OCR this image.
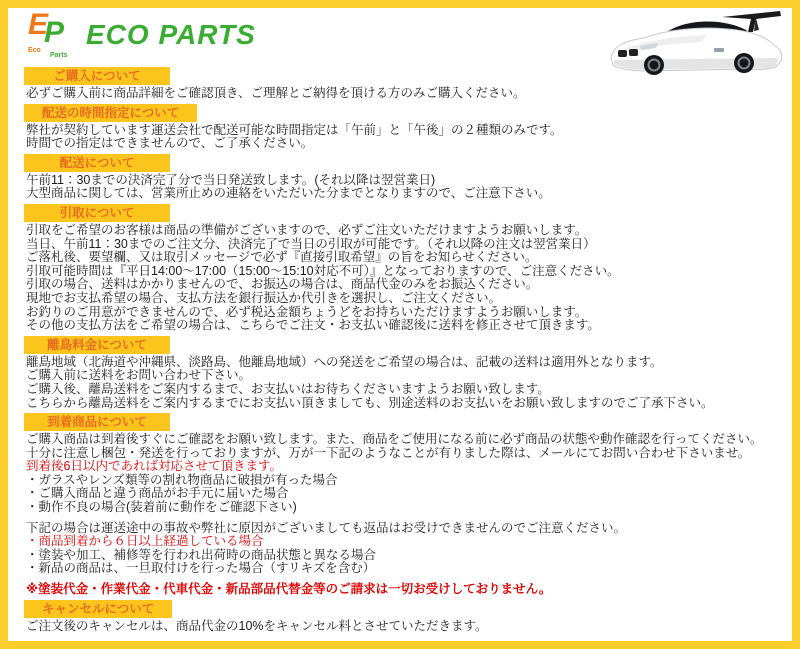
E
P
Eco
Parts
ECO PARTS
ご購入について
必ずご購入前に商品詳細をご確認頂き、ご理解とご納得を頂ける方のみご購入ください。
配送の時間指定について
弊社が契約しています運送会社で配送可能な時間指定は「午前」と「午後」の２種類のみです。
時間での指定はできませんので、ご了承ください。
配送について
午前11：30までの決済完了分で当日発送致します。(それ以降は翌営業日)
大型商品に関しては、営業所止めの連絡をいただいた分までとなりますので、ご注意下さい。
引取について
引取をご希望のお客様は商品の準備がございますので、必ずご注文いただけますようお願いします。
当日、午前11：30までのご注文分、決済完了で当日の引取が可能です。（それ以降の注文は翌営業日）
ご落札後、要望欄、又は取引メッセージで必ず『直接引取希望』の旨をお知らせください。
引取可能時間は『平日14:00〜17:00（15:00〜15:10対応不可）』となっておりますので、ご注意ください。
引取の場合、送料はかかりませんので、お振込の場合は、商品代金のみをお振込ください。
現地でお支払希望の場合、支払方法を銀行振込か代引きを選択し、ご注文ください。
お釣りのご用意ができませんので、必ず税込金額ちょうどをお持ちいただけますようお願いします。
その他の支払方法をご希望の場合は、こちらでご注文・お支払い確認後に送料を修正させて頂きます。
離島料金について
離島地域（北海道や沖縄県、淡路島、他離島地域）への発送をご希望の場合は、記載の送料は適用外となります。
ご購入前に送料をお問い合わせ下さい。
ご購入後、離島送料をご案内するまで、お支払いはお待ちくださいますようお願い致します。
こちらから離島送料をご案内するまでにお支払い頂きましても、別途送料のお支払いをお願い致しますのでご了承下さい。
到着商品について
ご購入商品は到着後すぐにご確認をお願い致します。また、商品をご使用になる前に必ず商品の状態や動作確認を行ってください。
十分に注意し梱包・発送を行っておりますが、万が一下記のようなことが有りました際は、メールにてお問い合わせ下さいませ。
到着後6日以内であれば対応させて頂きます。
・ガラスやレンズ類等の割れ物商品に破損が有った場合
・ご購入商品と違う商品がお手元に届いた場合
・動作不良の場合(装着前に動作をご確認下さい)
下記の場合は運送途中の事故や弊社に原因がございましても返品はお受けできませんのでご注意ください。
・商品到着から６日以上経過している場合
・塗装や加工、補修等を行われ出荷時の商品状態と異なる場合
・新品の商品は、一旦取付けを行った場合（すリキズを含む）
※塗装代金・作業代金・代車代金・新品部品代替金等のご請求は一切お受けしておりません。
キャンセルについて
ご注文後のキャンセルは、商品代金の10%をキャンセル料とさせていただきます。
